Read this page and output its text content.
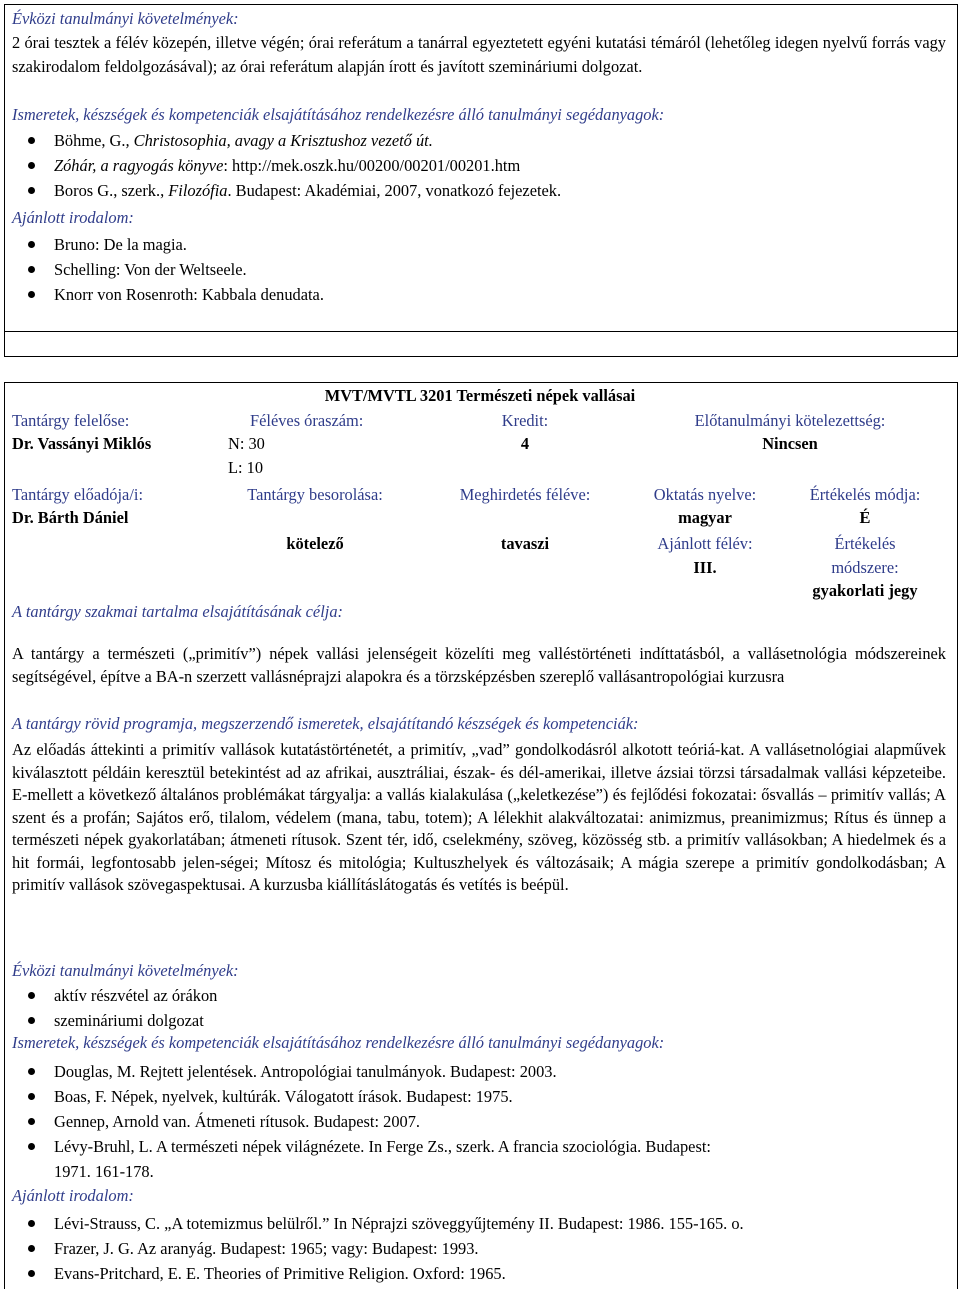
Évközi tanulmányi követelmények:
2 órai tesztek a félév közepén, illetve végén; órai referátum a tanárral egyeztetett egyéni kutatási témáról (lehetőleg idegen nyelvű forrás vagy szakirodalom feldolgozásával); az órai referátum alapján írott és javított szemináriumi dolgozat.
Ismeretek, készségek és kompetenciák elsajátításához rendelkezésre álló tanulmányi segédanyagok:
Böhme, G., Christosophia, avagy a Krisztushoz vezető út.
Zóhár, a ragyogás könyve: http://mek.oszk.hu/00200/00201/00201.htm
Boros G., szerk., Filozófia. Budapest: Akadémiai, 2007, vonatkozó fejezetek.
Ajánlott irodalom:
Bruno: De la magia.
Schelling: Von der Weltseele.
Knorr von Rosenroth: Kabbala denudata.
MVT/MVTL 3201 Természeti népek vallásai
Tantárgy felelőse:
Dr. Vassányi Miklós
Féléves óraszám:
N: 30
L: 10
Kredit:
4
Előtanulmányi kötelezettség:
Nincsen
Tantárgy előadója/i:
Dr. Bárth Dániel
Tantárgy besorolása:
kötelező
Meghirdetés féléve:
tavaszi
Oktatás nyelve:
magyar
Ajánlott félév:
III.
Értékelés módja:
É
Értékelés
módszere:
gyakorlati jegy
A tantárgy szakmai tartalma elsajátításának célja:
A tantárgy a természeti („primitív”) népek vallási jelenségeit közelíti meg valléstörténeti indíttatásból, a vallásetnológia módszereinek segítségével, építve a BA-n szerzett vallásnéprajzi alapokra és a törzsképzésben szereplő vallásantropológiai kurzusra
A tantárgy rövid programja, megszerzendő ismeretek, elsajátítandó készségek és kompetenciák:
Az előadás áttekinti a primitív vallások kutatástörténetét, a primitív, „vad” gondolkodásról alkotott teóriá-kat. A vallásetnológiai alapművek kiválasztott példáin keresztül betekintést ad az afrikai, ausztráliai, észak- és dél-amerikai, illetve ázsiai törzsi társadalmak vallási képzeteibe. E-mellett a következő általános problémákat tárgyalja: a vallás kialakulása („keletkezése”) és fejlődési fokozatai: ősvallás – primitív vallás; A szent és a profán; Sajátos erő, tilalom, védelem (mana, tabu, totem); A lélekhit alakváltozatai: animizmus, preanimizmus; Rítus és ünnep a természeti népek gyakorlatában; átmeneti rítusok. Szent tér, idő, cselekmény, szöveg, közösség stb. a primitív vallásokban; A hiedelmek és a hit formái, legfontosabb jelen-ségei; Mítosz és mitológia; Kultuszhelyek és változásaik; A mágia szerepe a primitív gondolkodásban; A primitív vallások szövegaspektusai. A kurzusba kiállításlátogatás és vetítés is beépül.
Évközi tanulmányi követelmények:
aktív részvétel az órákon
szemináriumi dolgozat
Ismeretek, készségek és kompetenciák elsajátításához rendelkezésre álló tanulmányi segédanyagok:
Douglas, M. Rejtett jelentések. Antropológiai tanulmányok. Budapest: 2003.
Boas, F. Népek, nyelvek, kultúrák. Válogatott írások. Budapest: 1975.
Gennep, Arnold van. Átmeneti rítusok. Budapest: 2007.
Lévy-Bruhl, L. A természeti népek világnézete. In Ferge Zs., szerk. A francia szociológia. Budapest:
1971. 161-178.
Ajánlott irodalom:
Lévi-Strauss, C. „A totemizmus belülről.” In Néprajzi szöveggyűjtemény II. Budapest: 1986. 155-165. o.
Frazer, J. G. Az aranyág. Budapest: 1965; vagy: Budapest: 1993.
Evans-Pritchard, E. E. Theories of Primitive Religion. Oxford: 1965.
